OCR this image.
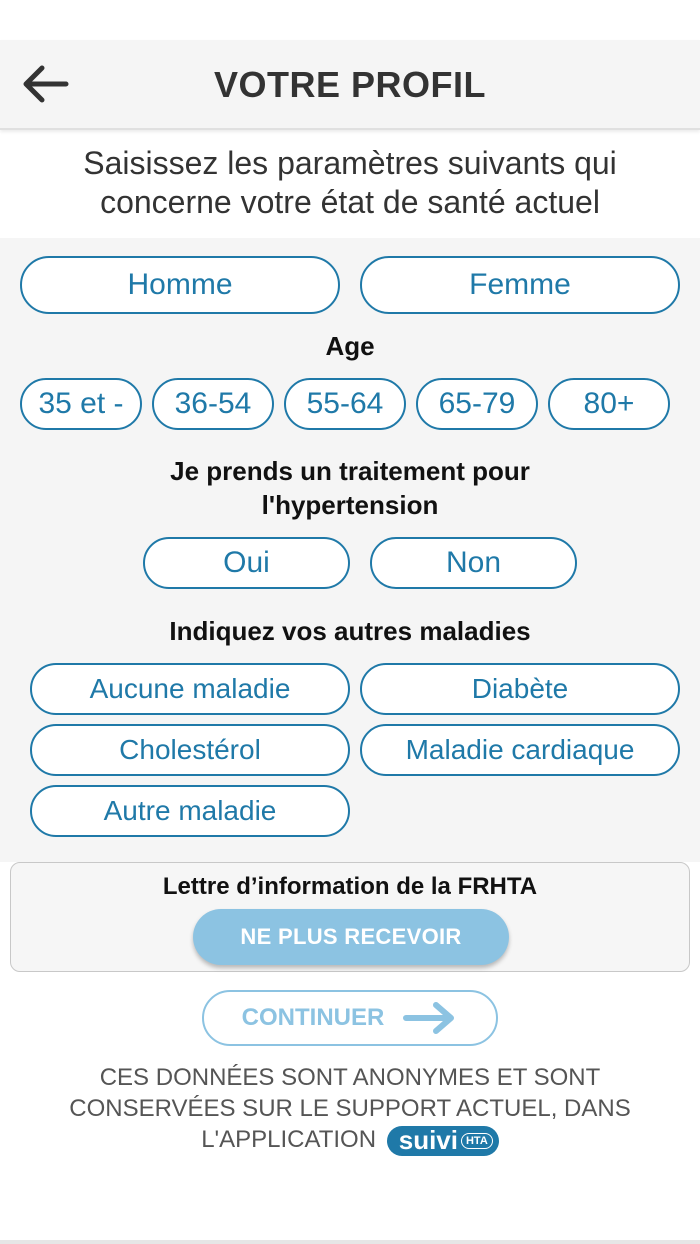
VOTRE PROFIL
Saisissez les paramètres suivants qui
concerne votre état de santé actuel
Homme	Femme
Age
35 et -	36-54	55-64	65-79	80+
Je prends un traitement pour
l'hypertension
Oui	Non
Indiquez vos autres maladies
Aucune maladie	Diabète
Cholestérol	Maladie cardiaque
Autre maladie
Lettre d’information de la FRHTA
NE PLUS RECEVOIR
CONTINUER
CES DONNÉES SONT ANONYMES ET SONT
CONSERVÉES SUR LE SUPPORT ACTUEL, DANS
L'APPLICATION suivi HTA
